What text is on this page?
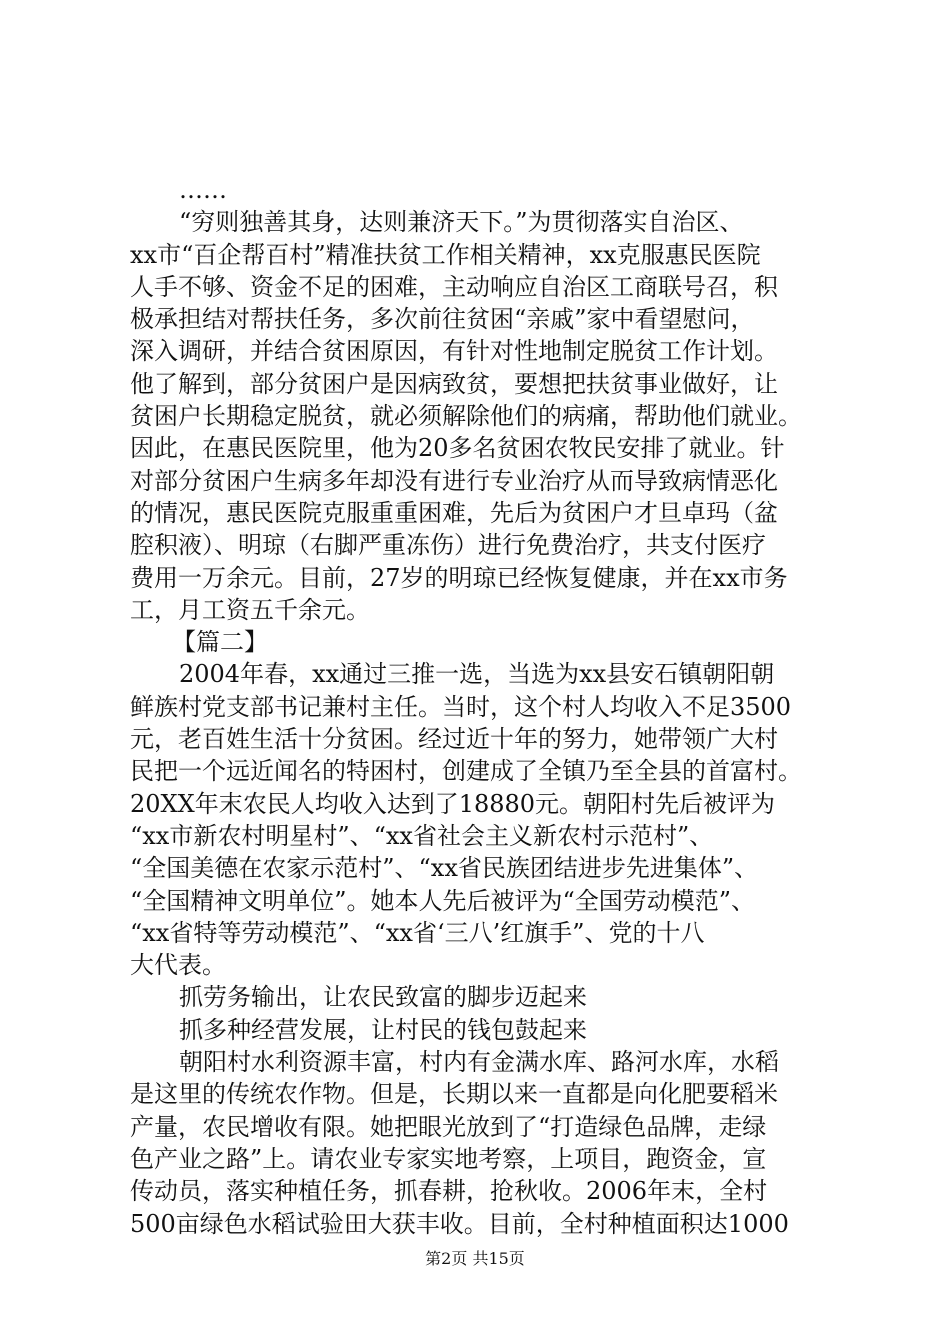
……
“穷则独善其身，达则兼济天下。”为贯彻落实自治区、
xx市“百企帮百村”精准扶贫工作相关精神，xx克服惠民医院
人手不够、资金不足的困难，主动响应自治区工商联号召，积
极承担结对帮扶任务，多次前往贫困“亲戚”家中看望慰问，
深入调研，并结合贫困原因，有针对性地制定脱贫工作计划。
他了解到，部分贫困户是因病致贫，要想把扶贫事业做好，让
贫困户长期稳定脱贫，就必须解除他们的病痛，帮助他们就业。
因此，在惠民医院里，他为20多名贫困农牧民安排了就业。针
对部分贫困户生病多年却没有进行专业治疗从而导致病情恶化
的情况，惠民医院克服重重困难，先后为贫困户才旦卓玛（盆
腔积液）、明琼（右脚严重冻伤）进行免费治疗，共支付医疗
费用一万余元。目前，27岁的明琼已经恢复健康，并在xx市务
工，月工资五千余元。
【篇二】
2004年春，xx通过三推一选，当选为xx县安石镇朝阳朝
鲜族村党支部书记兼村主任。当时，这个村人均收入不足3500
元，老百姓生活十分贫困。经过近十年的努力，她带领广大村
民把一个远近闻名的特困村，创建成了全镇乃至全县的首富村。
20XX年末农民人均收入达到了18880元。朝阳村先后被评为
“xx市新农村明星村”、“xx省社会主义新农村示范村”、
“全国美德在农家示范村”、“xx省民族团结进步先进集体”、
“全国精神文明单位”。她本人先后被评为“全国劳动模范”、
“xx省特等劳动模范”、“xx省‘三八’红旗手”、党的十八
大代表。
抓劳务输出，让农民致富的脚步迈起来
抓多种经营发展，让村民的钱包鼓起来
朝阳村水利资源丰富，村内有金满水库、路河水库，水稻
是这里的传统农作物。但是，长期以来一直都是向化肥要稻米
产量，农民增收有限。她把眼光放到了“打造绿色品牌，走绿
色产业之路”上。请农业专家实地考察，上项目，跑资金，宣
传动员，落实种植任务，抓春耕，抢秋收。2006年末，全村
500亩绿色水稻试验田大获丰收。目前，全村种植面积达1000
第2页 共15页
